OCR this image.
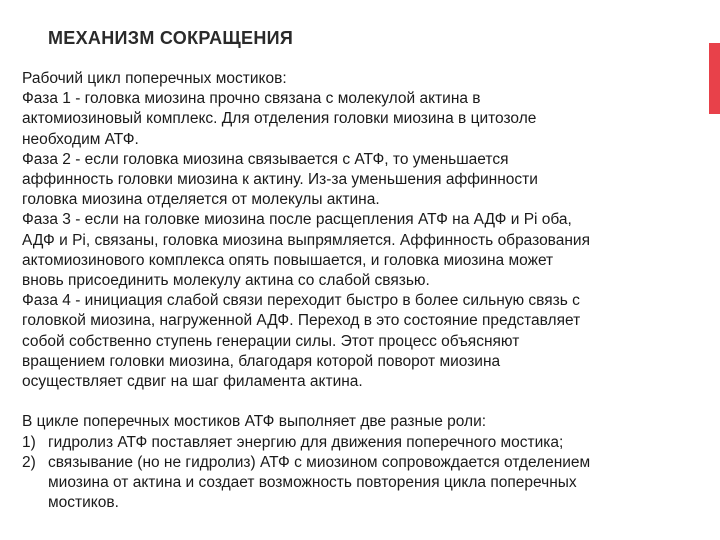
МЕХАНИЗМ СОКРАЩЕНИЯ
Рабочий цикл поперечных мостиков:
Фаза 1 - головка миозина прочно связана с молекулой актина в
актомиозиновый комплекс. Для отделения головки миозина в цитозоле
необходим АТФ.
Фаза 2 - если головка миозина связывается с АТФ, то уменьшается
аффинность головки миозина к актину. Из-за уменьшения аффинности
головка миозина отделяется от молекулы актина.
Фаза 3 - если на головке миозина после расщепления АТФ на АДФ и Pi оба,
АДФ и Pi, связаны, головка миозина выпрямляется. Аффинность образования
актомиозинового комплекса опять повышается, и головка миозина может
вновь присоединить молекулу актина со слабой связью.
Фаза 4 - инициация слабой связи переходит быстро в более сильную связь с
головкой миозина, нагруженной АДФ. Переход в это состояние представляет
собой собственно ступень генерации силы. Этот процесс объясняют
вращением головки миозина, благодаря которой поворот миозина
осуществляет сдвиг на шаг филамента актина.
В цикле поперечных мостиков АТФ выполняет две разные роли:
1) гидролиз АТФ поставляет энергию для движения поперечного мостика;
2) связывание (но не гидролиз) АТФ с миозином сопровождается отделением
миозина от актина и создает возможность повторения цикла поперечных
мостиков.
